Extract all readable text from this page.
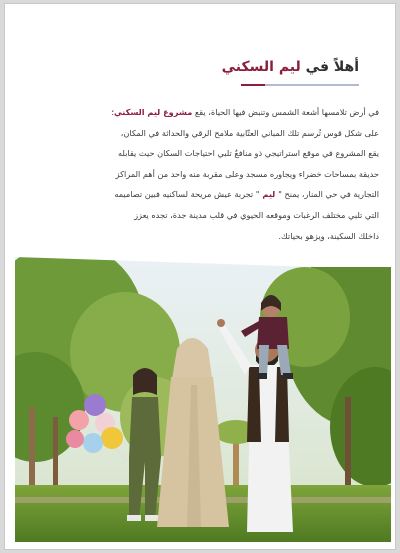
أهلاً في ليم السكني
في أرض تلامسها أشعة الشمس وتنبض فيها الحياة، يقع مشروع ليم السكني؛
على شكل قوس تُرسم تلك المباني العتّابية ملامح الرقي والحداثة في المكان،
يقع المشروع في موقع استراتيجي ذو منافعٌ تلبي احتياجات السكان حيث يقابله
حديقة بمساحات خضراء ويجاوره مسجد وعلى مقربة منه واحد من أهم المراكز
التجارية في حي المنار، يمنح " ليم " تجربة عيش مريحة لساكنيه فبين تصاميمه
التي تلبي مختلف الرغبات وموقعه الحيوي في قلب مدينة جدة، تجده يعزز
داخلك السكينة، ويزهو بحياتك.
